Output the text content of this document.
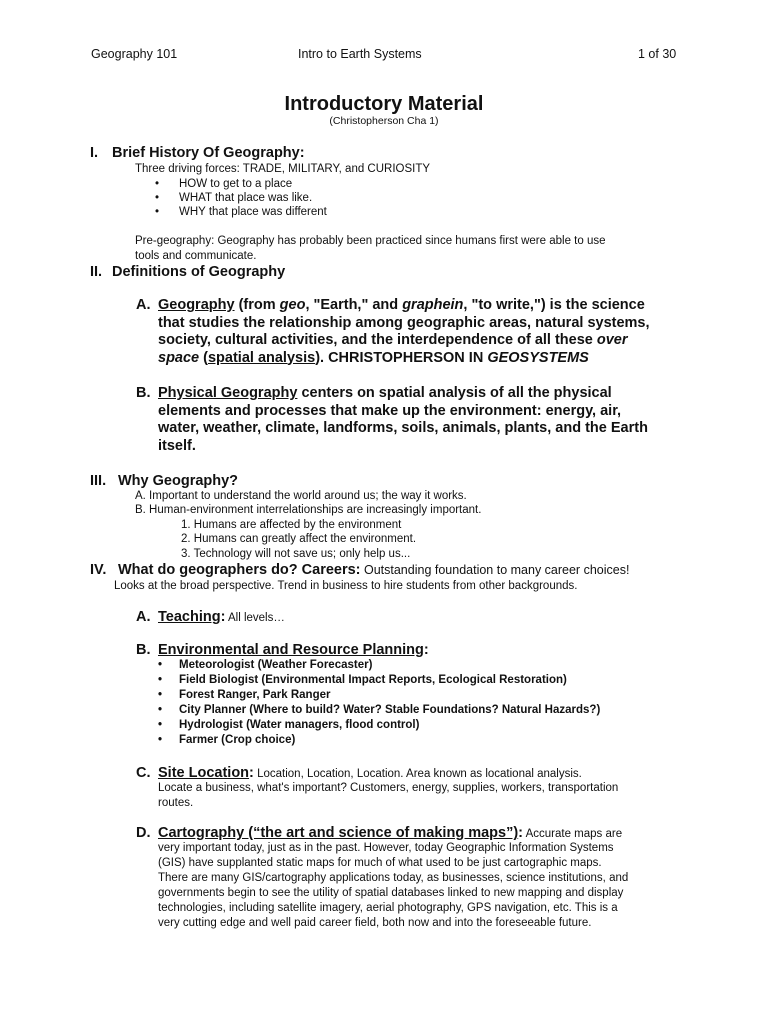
Geography 101	Intro to Earth Systems	1 of 30
Introductory Material
(Christopherson Cha 1)
I. Brief History Of Geography:
Three driving forces: TRADE, MILITARY, and CURIOSITY
• HOW to get to a place
• WHAT that place was like.
• WHY that place was different
Pre-geography: Geography has probably been practiced since humans first were able to use
tools and communicate.
II. Definitions of Geography
A. Geography (from geo, "Earth," and graphein, "to write,") is the science
that studies the relationship among geographic areas, natural systems,
society, cultural activities, and the interdependence of all these over
space (spatial analysis). CHRISTOPHERSON IN GEOSYSTEMS
B. Physical Geography centers on spatial analysis of all the physical
elements and processes that make up the environment: energy, air,
water, weather, climate, landforms, soils, animals, plants, and the Earth
itself.
III. Why Geography?
A. Important to understand the world around us; the way it works.
B. Human-environment interrelationships are increasingly important.
1. Humans are affected by the environment
2. Humans can greatly affect the environment.
3. Technology will not save us; only help us...
IV. What do geographers do? Careers: Outstanding foundation to many career choices!
Looks at the broad perspective. Trend in business to hire students from other backgrounds.
A. Teaching: All levels…
B. Environmental and Resource Planning:
• Meteorologist (Weather Forecaster)
• Field Biologist (Environmental Impact Reports, Ecological Restoration)
• Forest Ranger, Park Ranger
• City Planner (Where to build? Water? Stable Foundations? Natural Hazards?)
• Hydrologist (Water managers, flood control)
• Farmer (Crop choice)
C. Site Location: Location, Location, Location. Area known as locational analysis.
Locate a business, what's important? Customers, energy, supplies, workers, transportation
routes.
D. Cartography (“the art and science of making maps”): Accurate maps are
very important today, just as in the past. However, today Geographic Information Systems
(GIS) have supplanted static maps for much of what used to be just cartographic maps.
There are many GIS/cartography applications today, as businesses, science institutions, and
governments begin to see the utility of spatial databases linked to new mapping and display
technologies, including satellite imagery, aerial photography, GPS navigation, etc. This is a
very cutting edge and well paid career field, both now and into the foreseeable future.
